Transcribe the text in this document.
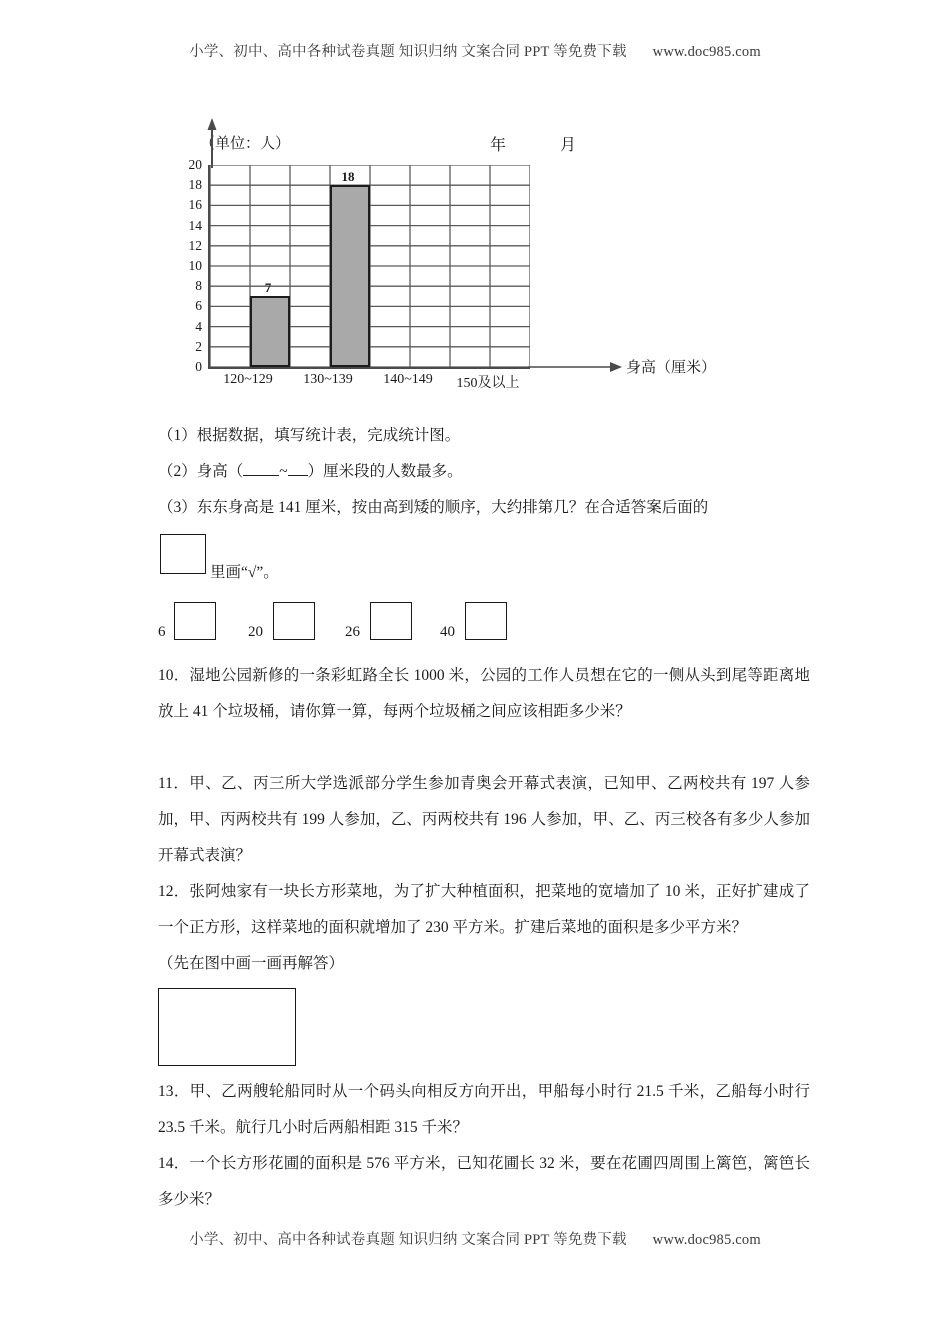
小学、初中、高中各种试卷真题 知识归纳 文案合同 PPT 等免费下载 www.doc985.com
（单位：人）	年	月
7
18
20
18
16
14
12
10
8
6
4
2
0
120~129	130~139	140~149	150及以上
身高（厘米）
（1）根据数据，填写统计表，完成统计图。
（2）身高（ ~ ）厘米段的人数最多。
（3）东东身高是 141 厘米，按由高到矮的顺序，大约排第几？在合适答案后面的
里画“√”。
6	20	26	40
10．湿地公园新修的一条彩虹路全长 1000 米，公园的工作人员想在它的一侧从头到尾等距离地放上 41 个垃圾桶，请你算一算，每两个垃圾桶之间应该相距多少米？
11．甲、乙、丙三所大学选派部分学生参加青奥会开幕式表演，已知甲、乙两校共有 197 人参加，甲、丙两校共有 199 人参加，乙、丙两校共有 196 人参加，甲、乙、丙三校各有多少人参加开幕式表演？
12．张阿烛家有一块长方形菜地，为了扩大种植面积，把菜地的宽墙加了 10 米，正好扩建成了一个正方形，这样菜地的面积就增加了 230 平方米。扩建后菜地的面积是多少平方米？
（先在图中画一画再解答）
13．甲、乙两艘轮船同时从一个码头向相反方向开出，甲船每小时行 21.5 千米，乙船每小时行 23.5 千米。航行几小时后两船相距 315 千米？
14．一个长方形花圃的面积是 576 平方米，已知花圃长 32 米，要在花圃四周围上篱笆，篱笆长多少米？
小学、初中、高中各种试卷真题 知识归纳 文案合同 PPT 等免费下载 www.doc985.com
